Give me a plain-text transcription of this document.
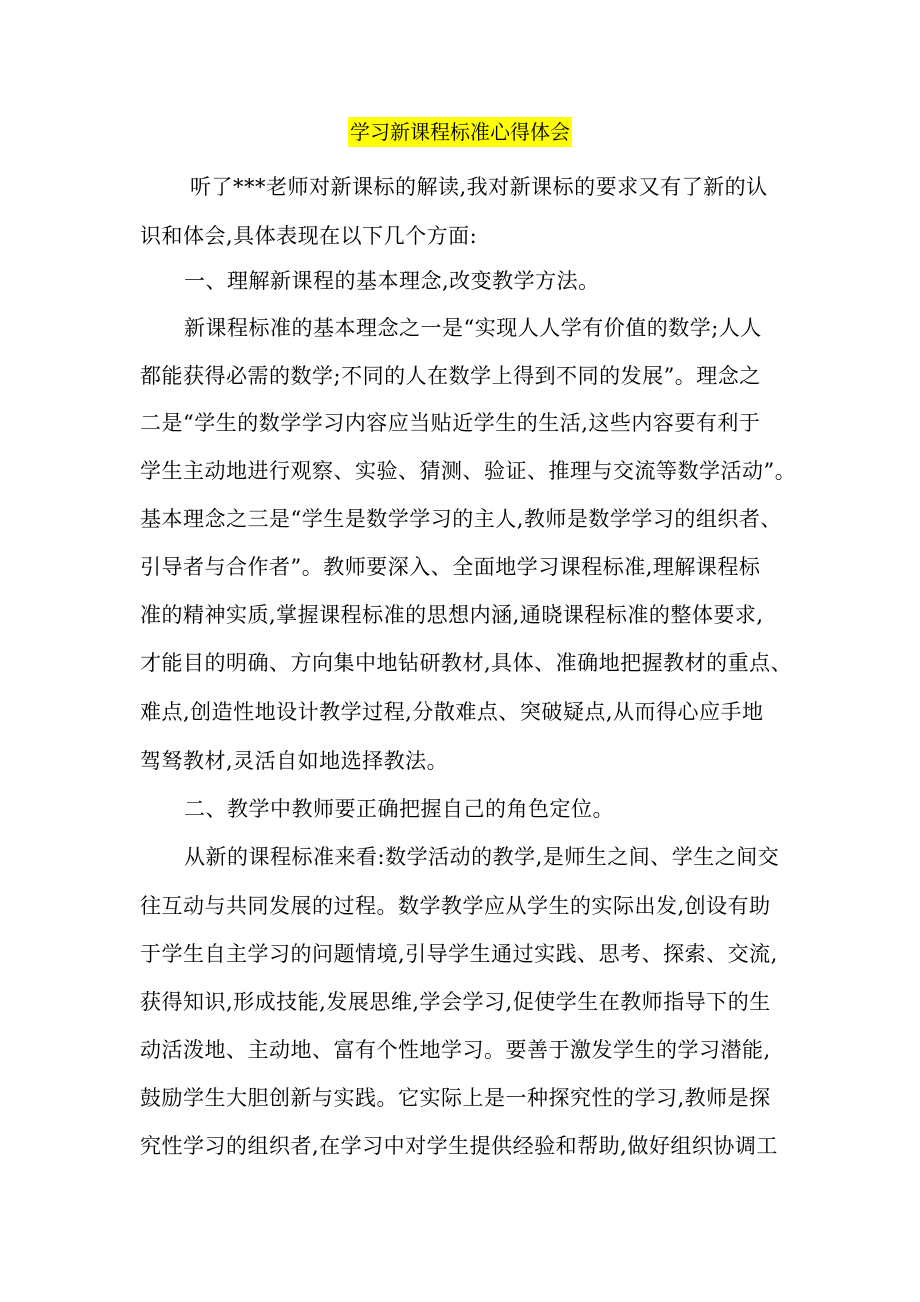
学习新课程标准心得体会
听了***老师对新课标的解读,我对新课标的要求又有了新的认
识和体会,具体表现在以下几个方面:
一、理解新课程的基本理念,改变教学方法。
新课程标准的基本理念之一是“实现人人学有价值的数学;人人
都能获得必需的数学;不同的人在数学上得到不同的发展”。理念之
二是“学生的数学学习内容应当贴近学生的生活,这些内容要有利于
学生主动地进行观察、实验、猜测、验证、推理与交流等数学活动”。
基本理念之三是“学生是数学学习的主人,教师是数学学习的组织者、
引导者与合作者”。教师要深入、全面地学习课程标准,理解课程标
准的精神实质,掌握课程标准的思想内涵,通晓课程标准的整体要求,
才能目的明确、方向集中地钻研教材,具体、准确地把握教材的重点、
难点,创造性地设计教学过程,分散难点、突破疑点,从而得心应手地
驾驽教材,灵活自如地选择教法。
二、教学中教师要正确把握自己的角色定位。
从新的课程标准来看:数学活动的教学,是师生之间、学生之间交
往互动与共同发展的过程。数学教学应从学生的实际出发,创设有助
于学生自主学习的问题情境,引导学生通过实践、思考、探索、交流,
获得知识,形成技能,发展思维,学会学习,促使学生在教师指导下的生
动活泼地、主动地、富有个性地学习。要善于激发学生的学习潜能,
鼓励学生大胆创新与实践。它实际上是一种探究性的学习,教师是探
究性学习的组织者,在学习中对学生提供经验和帮助,做好组织协调工
